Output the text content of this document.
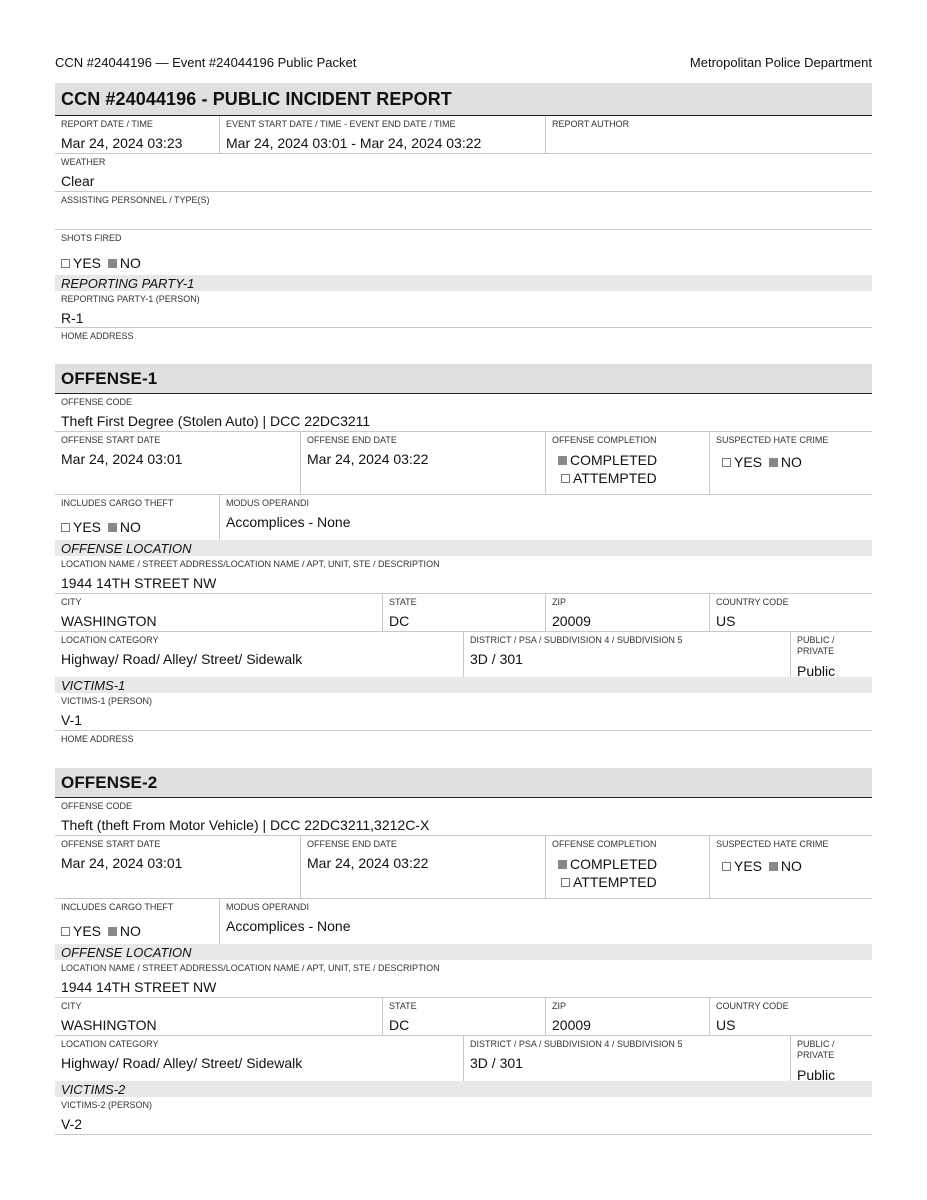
CCN #24044196 — Event #24044196 Public Packet	Metropolitan Police Department
CCN #24044196 - PUBLIC INCIDENT REPORT
REPORT DATE / TIME
Mar 24, 2024 03:23
EVENT START DATE / TIME - EVENT END DATE / TIME
Mar 24, 2024 03:01 - Mar 24, 2024 03:22
REPORT AUTHOR
WEATHER
Clear
ASSISTING PERSONNEL / TYPE(S)
SHOTS FIRED
YES NO
REPORTING PARTY-1
REPORTING PARTY-1 (PERSON)
R-1
HOME ADDRESS
OFFENSE-1
OFFENSE CODE
Theft First Degree (Stolen Auto) | DCC 22DC3211
OFFENSE START DATE
Mar 24, 2024 03:01
OFFENSE END DATE
Mar 24, 2024 03:22
OFFENSE COMPLETION
COMPLETED
ATTEMPTED
SUSPECTED HATE CRIME
YES NO
INCLUDES CARGO THEFT
YES NO
MODUS OPERANDI
Accomplices - None
OFFENSE LOCATION
LOCATION NAME / STREET ADDRESS/LOCATION NAME / APT, UNIT, STE / DESCRIPTION
1944 14TH STREET NW
CITY
WASHINGTON
STATE
DC
ZIP
20009
COUNTRY CODE
US
LOCATION CATEGORY
Highway/ Road/ Alley/ Street/ Sidewalk
DISTRICT / PSA / SUBDIVISION 4 / SUBDIVISION 5
3D / 301
PUBLIC / PRIVATE
Public
VICTIMS-1
VICTIMS-1 (PERSON)
V-1
HOME ADDRESS
OFFENSE-2
OFFENSE CODE
Theft (theft From Motor Vehicle) | DCC 22DC3211,3212C-X
OFFENSE START DATE
Mar 24, 2024 03:01
OFFENSE END DATE
Mar 24, 2024 03:22
OFFENSE COMPLETION
COMPLETED
ATTEMPTED
SUSPECTED HATE CRIME
YES NO
INCLUDES CARGO THEFT
YES NO
MODUS OPERANDI
Accomplices - None
OFFENSE LOCATION
LOCATION NAME / STREET ADDRESS/LOCATION NAME / APT, UNIT, STE / DESCRIPTION
1944 14TH STREET NW
CITY
WASHINGTON
STATE
DC
ZIP
20009
COUNTRY CODE
US
LOCATION CATEGORY
Highway/ Road/ Alley/ Street/ Sidewalk
DISTRICT / PSA / SUBDIVISION 4 / SUBDIVISION 5
3D / 301
PUBLIC / PRIVATE
Public
VICTIMS-2
VICTIMS-2 (PERSON)
V-2
